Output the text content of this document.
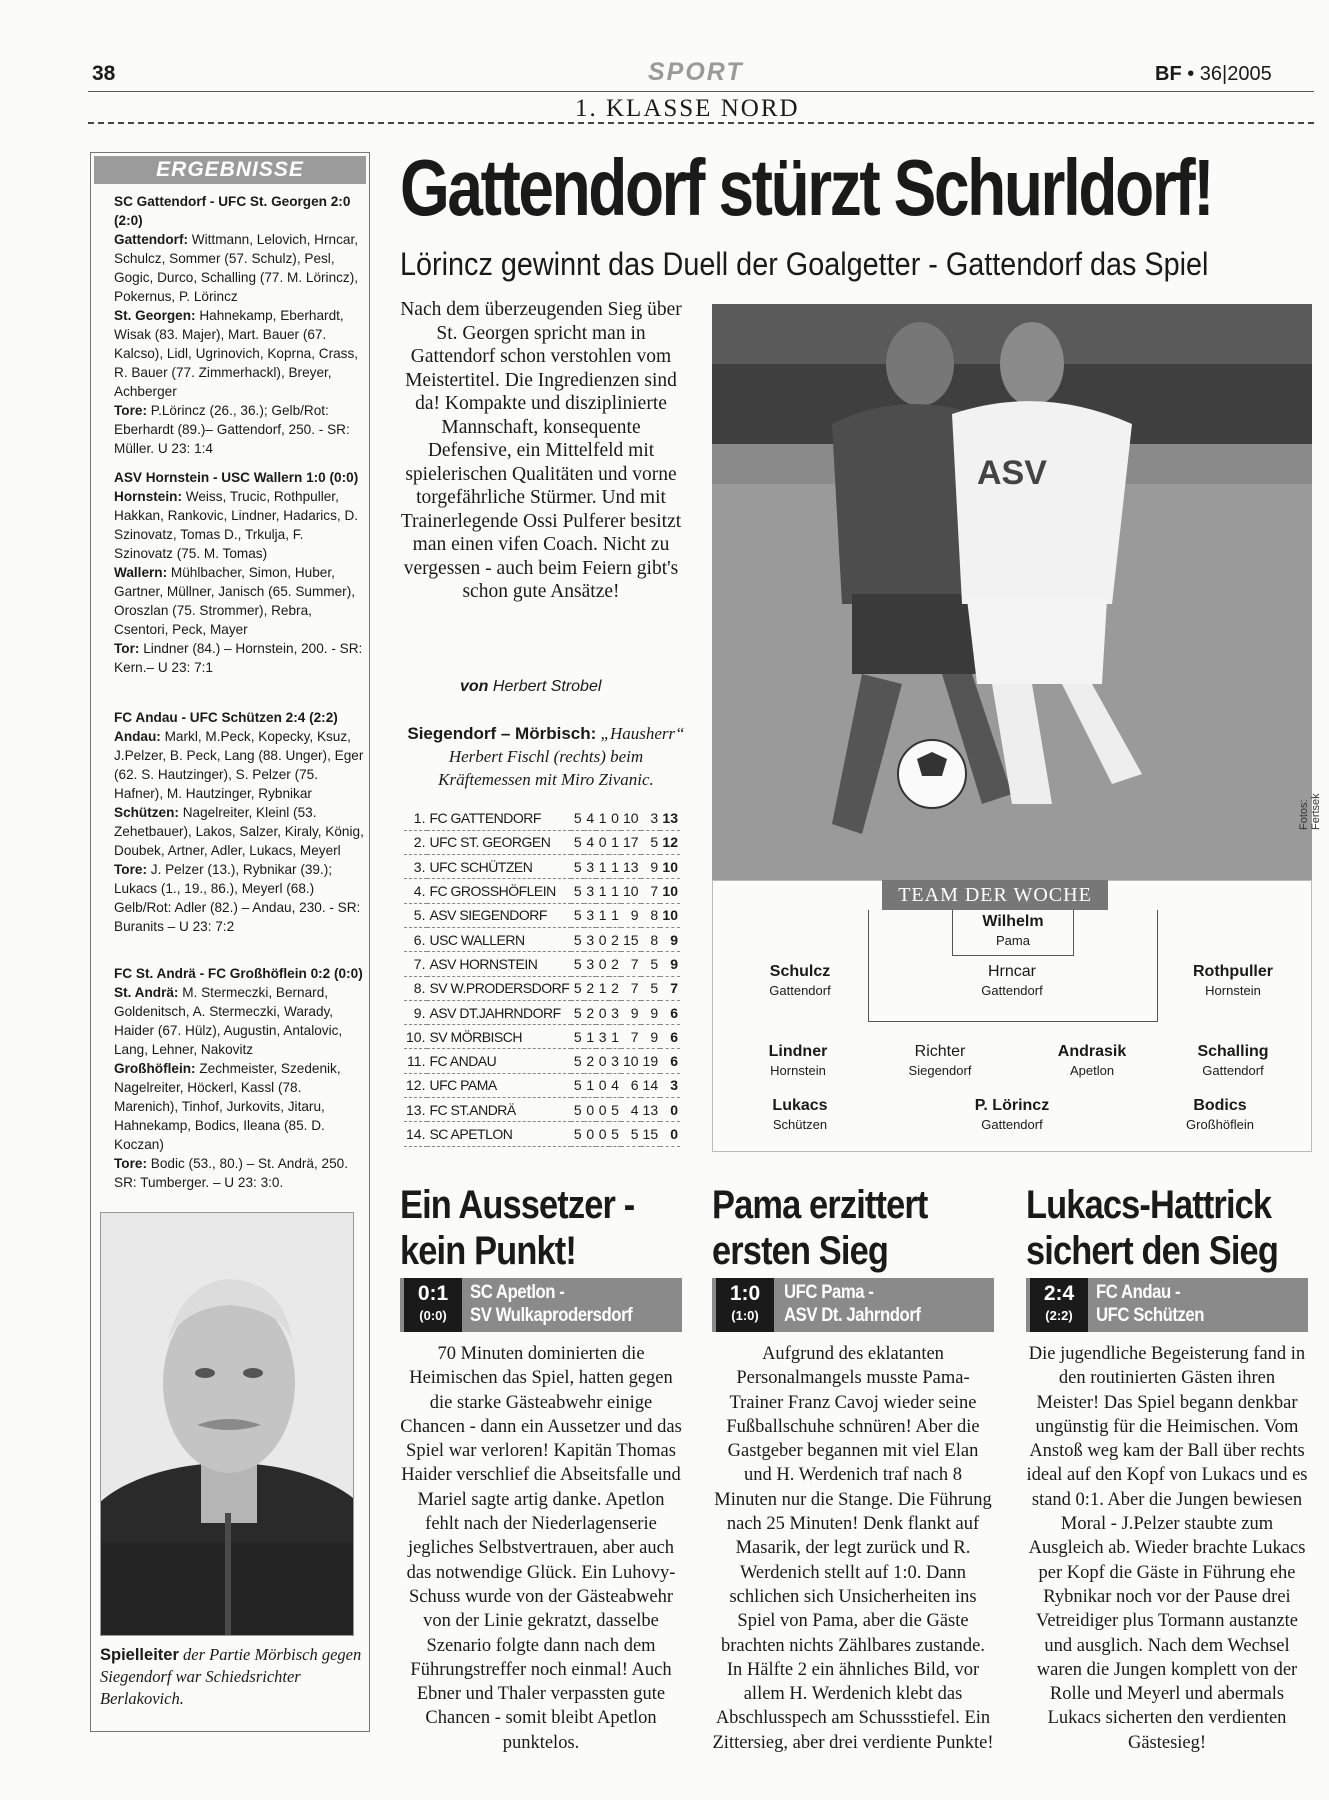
38	SPORT	BF • 36|2005
1. KLASSE NORD
ERGEBNISSE

SC Gattendorf - UFC St. Georgen 2:0 (2:0)

Gattendorf: Wittmann, Lelovich, Hrncar, Schulcz, Sommer (57. Schulz), Pesl, Gogic, Durco, Schalling (77. M. Lörincz), Pokernus, P. Lörincz

St. Georgen: Hahnekamp, Eberhardt, Wisak (83. Majer), Mart. Bauer (67. Kalcso), Lidl, Ugrinovich, Koprna, Crass, R. Bauer (77. Zimmerhackl), Breyer, Achberger

Tore: P.Lörincz (26., 36.); Gelb/Rot: Eberhardt (89.)– Gattendorf, 250. - SR: Müller. U 23: 1:4

ASV Hornstein - USC Wallern 1:0 (0:0)

Hornstein: Weiss, Trucic, Rothpuller, Hakkan, Rankovic, Lindner, Hadarics, D. Szinovatz, Tomas D., Trkulja, F. Szinovatz (75. M. Tomas)

Wallern: Mühlbacher, Simon, Huber, Gartner, Müllner, Janisch (65. Summer), Oroszlan (75. Strommer), Rebra, Csentori, Peck, Mayer

Tor: Lindner (84.) – Hornstein, 200. - SR: Kern.– U 23: 7:1

FC Andau - UFC Schützen 2:4 (2:2)

Andau: Markl, M.Peck, Kopecky, Ksuz, J.Pelzer, B. Peck, Lang (88. Unger), Eger (62. S. Hautzinger), S. Pelzer (75. Hafner), M. Hautzinger, Rybnikar

Schützen: Nagelreiter, Kleinl (53. Zehetbauer), Lakos, Salzer, Kiraly, König, Doubek, Artner, Adler, Lukacs, Meyerl

Tore: J. Pelzer (13.), Rybnikar (39.); Lukacs (1., 19., 86.), Meyerl (68.) Gelb/Rot: Adler (82.) – Andau, 230. - SR: Buranits – U 23: 7:2

FC St. Andrä - FC Großhöflein 0:2 (0:0)

St. Andrä: M. Stermeczki, Bernard, Goldenitsch, A. Stermeczki, Warady, Haider (67. Hülz), Augustin, Antalovic, Lang, Lehner, Nakovitz

Großhöflein: Zechmeister, Szedenik, Nagelreiter, Höckerl, Kassl (78. Marenich), Tinhof, Jurkovits, Jitaru, Hahnekamp, Bodics, Ileana (85. D. Koczan)

Tore: Bodic (53., 80.) – St. Andrä, 250. SR: Tumberger. – U 23: 3:0.

Spielleiter der Partie Mörbisch gegen Siegendorf war Schiedsrichter Berlakovich.
Gattendorf stürzt Schurldorf!
Lörincz gewinnt das Duell der Goalgetter - Gattendorf das Spiel
Nach dem überzeugenden Sieg über St. Georgen spricht man in Gattendorf schon verstohlen vom Meistertitel. Die Ingredienzen sind da! Kompakte und disziplinierte Mannschaft, konsequente Defensive, ein Mittelfeld mit spielerischen Qualitäten und vorne torgefährliche Stürmer. Und mit Trainerlegende Ossi Pulferer besitzt man einen vifen Coach. Nicht zu vergessen - auch beim Feiern gibt's schon gute Ansätze!
von Herbert Strobel
Siegendorf – Mörbisch: „Hausherr“ Herbert Fischl (rechts) beim Kräftemessen mit Miro Zivanic.
1.	FC GATTENDORF	5	4	1	0	10	3	13
2.	UFC ST. GEORGEN	5	4	0	1	17	5	12
3.	UFC SCHÜTZEN	5	3	1	1	13	9	10
4.	FC GROSSHÖFLEIN	5	3	1	1	10	7	10
5.	ASV SIEGENDORF	5	3	1	1	9	8	10
6.	USC WALLERN	5	3	0	2	15	8	9
7.	ASV HORNSTEIN	5	3	0	2	7	5	9
8.	SV W.PRODERSDORF	5	2	1	2	7	5	7
9.	ASV DT.JAHRNDORF	5	2	0	3	9	9	6
10.	SV MÖRBISCH	5	1	3	1	7	9	6
11.	FC ANDAU	5	2	0	3	10	19	6
12.	UFC PAMA	5	1	0	4	6	14	3
13.	FC ST.ANDRÄ	5	0	0	5	4	13	0
14.	SC APETLON	5	0	0	5	5	15	0
ASV
Fotos: Fertsek
TEAM DER WOCHE
Wilhelm
Pama
Schulcz
Gattendorf
Hrncar
Gattendorf
Rothpuller
Hornstein
Lindner
Hornstein
Richter
Siegendorf
Andrasik
Apetlon
Schalling
Gattendorf
Lukacs
Schützen
P. Lörincz
Gattendorf
Bodics
Großhöflein
Ein Aussetzer -
kein Punkt!
0:1
(0:0)
SC Apetlon -
SV Wulkaprodersdorf
70 Minuten dominierten die Heimischen das Spiel, hatten gegen die starke Gästeabwehr einige Chancen - dann ein Aussetzer und das Spiel war verloren! Kapitän Thomas Haider verschlief die Abseitsfalle und Mariel sagte artig danke. Apetlon fehlt nach der Niederlagenserie jegliches Selbstvertrauen, aber auch das notwendige Glück. Ein Luhovy-Schuss wurde von der Gästeabwehr von der Linie gekratzt, dasselbe Szenario folgte dann nach dem Führungstreffer noch einmal! Auch Ebner und Thaler verpassten gute Chancen - somit bleibt Apetlon punktelos.
Pama erzittert
ersten Sieg
1:0
(1:0)
UFC Pama -
ASV Dt. Jahrndorf
Aufgrund des eklatanten Personalmangels musste Pama-Trainer Franz Cavoj wieder seine Fußballschuhe schnüren! Aber die Gastgeber begannen mit viel Elan und H. Werdenich traf nach 8 Minuten nur die Stange. Die Führung nach 25 Minuten! Denk flankt auf Masarik, der legt zurück und R. Werdenich stellt auf 1:0. Dann schlichen sich Unsicherheiten ins Spiel von Pama, aber die Gäste brachten nichts Zählbares zustande. In Hälfte 2 ein ähnliches Bild, vor allem H. Werdenich klebt das Abschlusspech am Schussstiefel. Ein Zittersieg, aber drei verdiente Punkte!
Lukacs-Hattrick
sichert den Sieg
2:4
(2:2)
FC Andau -
UFC Schützen
Die jugendliche Begeisterung fand in den routinierten Gästen ihren Meister! Das Spiel begann denkbar ungünstig für die Heimischen. Vom Anstoß weg kam der Ball über rechts ideal auf den Kopf von Lukacs und es stand 0:1. Aber die Jungen bewiesen Moral - J.Pelzer staubte zum Ausgleich ab. Wieder brachte Lukacs per Kopf die Gäste in Führung ehe Rybnikar noch vor der Pause drei Vetreidiger plus Tormann austanzte und ausglich. Nach dem Wechsel waren die Jungen komplett von der Rolle und Meyerl und abermals Lukacs sicherten den verdienten Gästesieg!
